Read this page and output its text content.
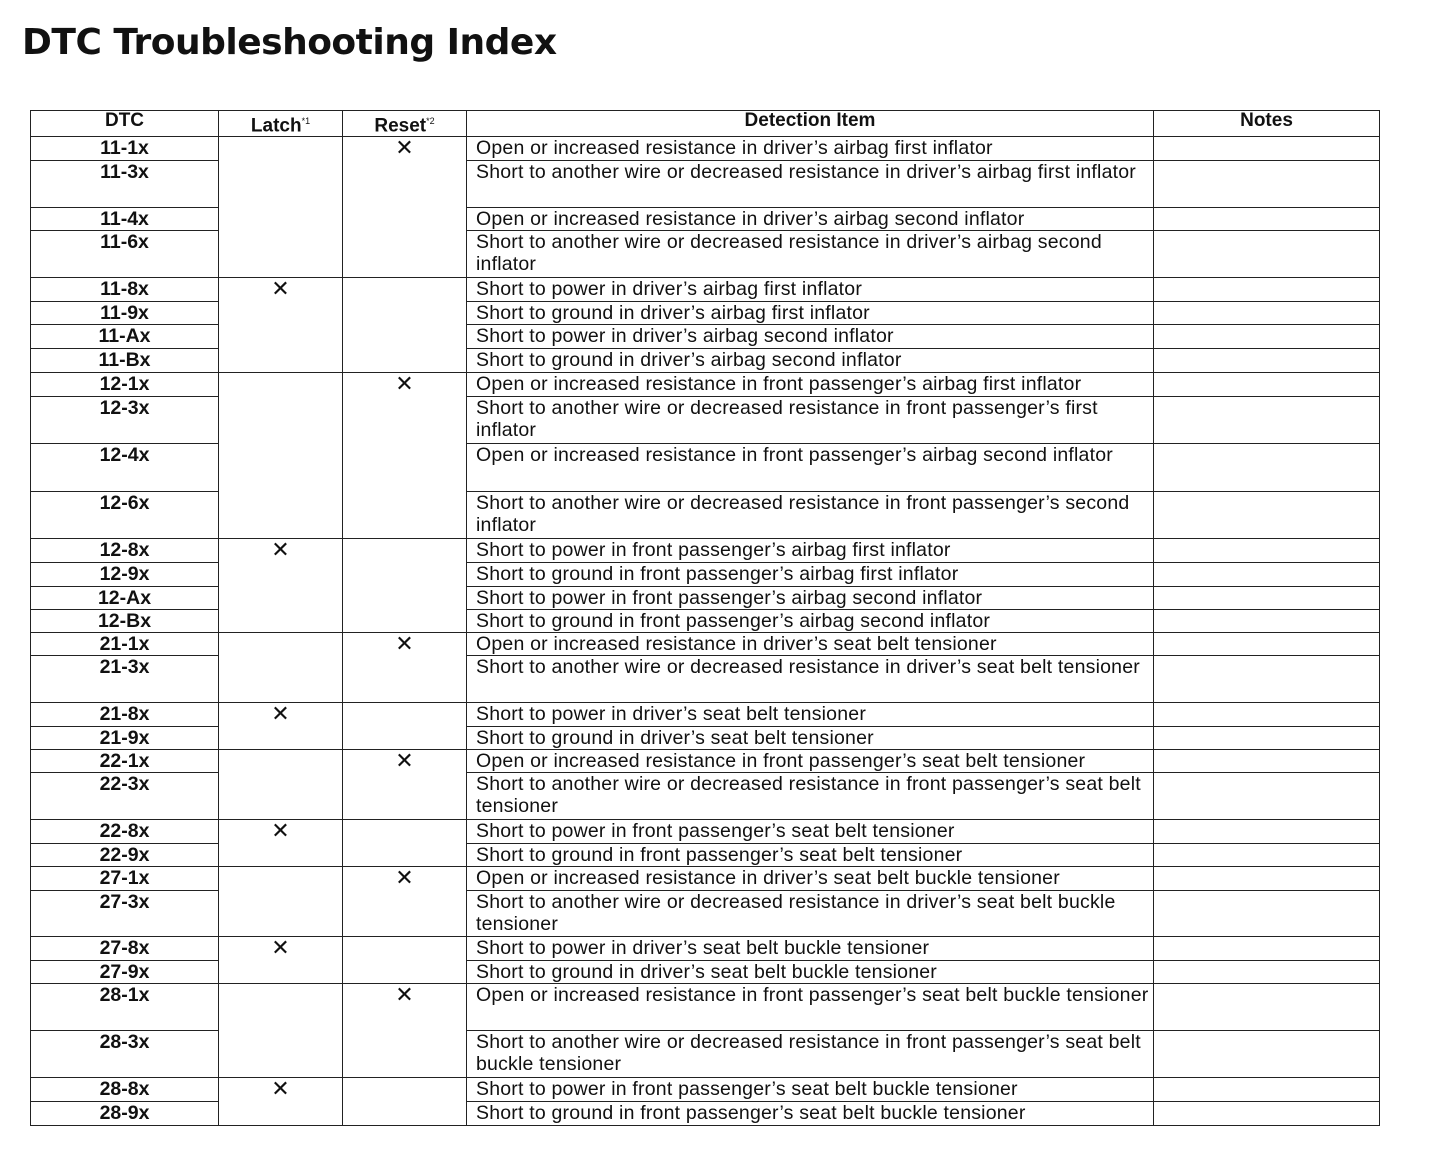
DTC Troubleshooting Index
DTC	Latch$^{*1}$	Reset$^{*2}$	Detection Item	Notes
11-1x		✕	Open or increased resistance in driver’s airbag first inflator	
11-3x			Short to another wire or decreased resistance in driver’s airbag first inflator	
11-4x			Open or increased resistance in driver’s airbag second inflator	
11-6x			Short to another wire or decreased resistance in driver’s airbag second inflator	
11-8x	✕		Short to power in driver’s airbag first inflator	
11-9x			Short to ground in driver’s airbag first inflator	
11-Ax			Short to power in driver’s airbag second inflator	
11-Bx			Short to ground in driver’s airbag second inflator	
12-1x		✕	Open or increased resistance in front passenger’s airbag first inflator	
12-3x			Short to another wire or decreased resistance in front passenger’s first inflator	
12-4x			Open or increased resistance in front passenger’s airbag second inflator	
12-6x			Short to another wire or decreased resistance in front passenger’s second inflator	
12-8x	✕		Short to power in front passenger’s airbag first inflator	
12-9x			Short to ground in front passenger’s airbag first inflator	
12-Ax			Short to power in front passenger’s airbag second inflator	
12-Bx			Short to ground in front passenger’s airbag second inflator	
21-1x		✕	Open or increased resistance in driver’s seat belt tensioner	
21-3x			Short to another wire or decreased resistance in driver’s seat belt tensioner	
21-8x	✕		Short to power in driver’s seat belt tensioner	
21-9x			Short to ground in driver’s seat belt tensioner	
22-1x		✕	Open or increased resistance in front passenger’s seat belt tensioner	
22-3x			Short to another wire or decreased resistance in front passenger’s seat belt tensioner	
22-8x	✕		Short to power in front passenger’s seat belt tensioner	
22-9x			Short to ground in front passenger’s seat belt tensioner	
27-1x		✕	Open or increased resistance in driver’s seat belt buckle tensioner	
27-3x			Short to another wire or decreased resistance in driver’s seat belt buckle tensioner	
27-8x	✕		Short to power in driver’s seat belt buckle tensioner	
27-9x			Short to ground in driver’s seat belt buckle tensioner	
28-1x		✕	Open or increased resistance in front passenger’s seat belt buckle tensioner	
28-3x			Short to another wire or decreased resistance in front passenger’s seat belt buckle tensioner	
28-8x	✕		Short to power in front passenger’s seat belt buckle tensioner	
28-9x			Short to ground in front passenger’s seat belt buckle tensioner	
